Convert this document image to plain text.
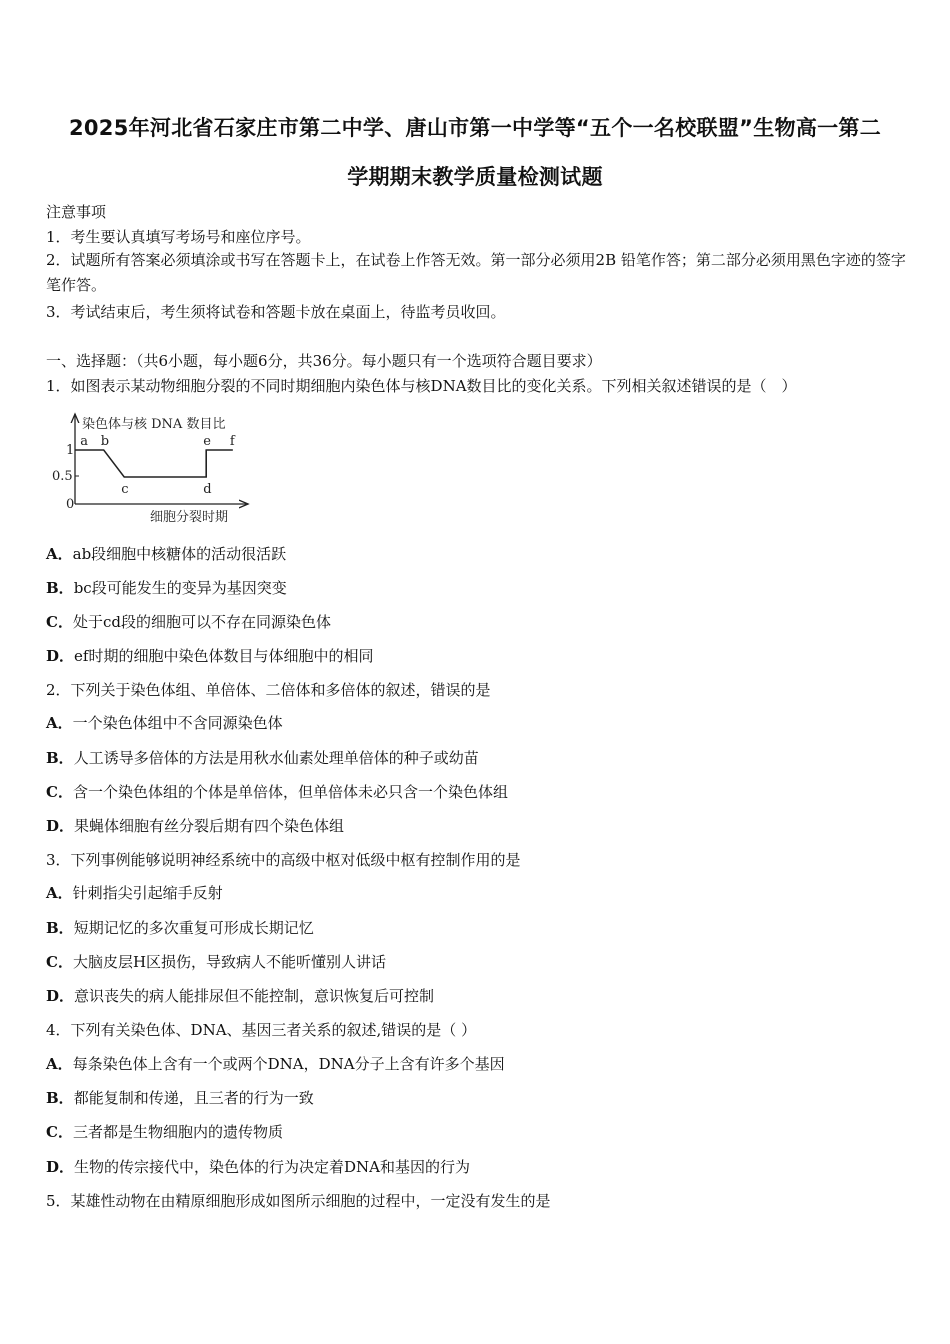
2025年河北省石家庄市第二中学、唐山市第一中学等“五个一名校联盟”生物高一第二
学期期末教学质量检测试题
注意事项
1．考生要认真填写考场号和座位序号。
2．试题所有答案必须填涂或书写在答题卡上，在试卷上作答无效。第一部分必须用2B 铅笔作答；第二部分必须用黑色字迹的签字笔作答。
3．考试结束后，考生须将试卷和答题卡放在桌面上，待监考员收回。
一、选择题：（共6小题，每小题6分，共36分。每小题只有一个选项符合题目要求）
1．如图表示某动物细胞分裂的不同时期细胞内染色体与核DNA数目比的变化关系。下列相关叙述错误的是（　）
染色体与核 DNA 数目比
细胞分裂时期
1
0.5
0
a b
c	d
e f
A．ab段细胞中核糖体的活动很活跃
B．bc段可能发生的变异为基因突变
C．处于cd段的细胞可以不存在同源染色体
D．ef时期的细胞中染色体数目与体细胞中的相同
2．下列关于染色体组、单倍体、二倍体和多倍体的叙述，错误的是
A．一个染色体组中不含同源染色体
B．人工诱导多倍体的方法是用秋水仙素处理单倍体的种子或幼苗
C．含一个染色体组的个体是单倍体，但单倍体未必只含一个染色体组
D．果蝇体细胞有丝分裂后期有四个染色体组
3．下列事例能够说明神经系统中的高级中枢对低级中枢有控制作用的是
A．针刺指尖引起缩手反射
B．短期记忆的多次重复可形成长期记忆
C．大脑皮层H区损伤，导致病人不能听懂别人讲话
D．意识丧失的病人能排尿但不能控制，意识恢复后可控制
4．下列有关染色体、DNA、基因三者关系的叙述,错误的是（ ）
A．每条染色体上含有一个或两个DNA，DNA分子上含有许多个基因
B．都能复制和传递，且三者的行为一致
C．三者都是生物细胞内的遗传物质
D．生物的传宗接代中，染色体的行为决定着DNA和基因的行为
5．某雄性动物在由精原细胞形成如图所示细胞的过程中，一定没有发生的是
